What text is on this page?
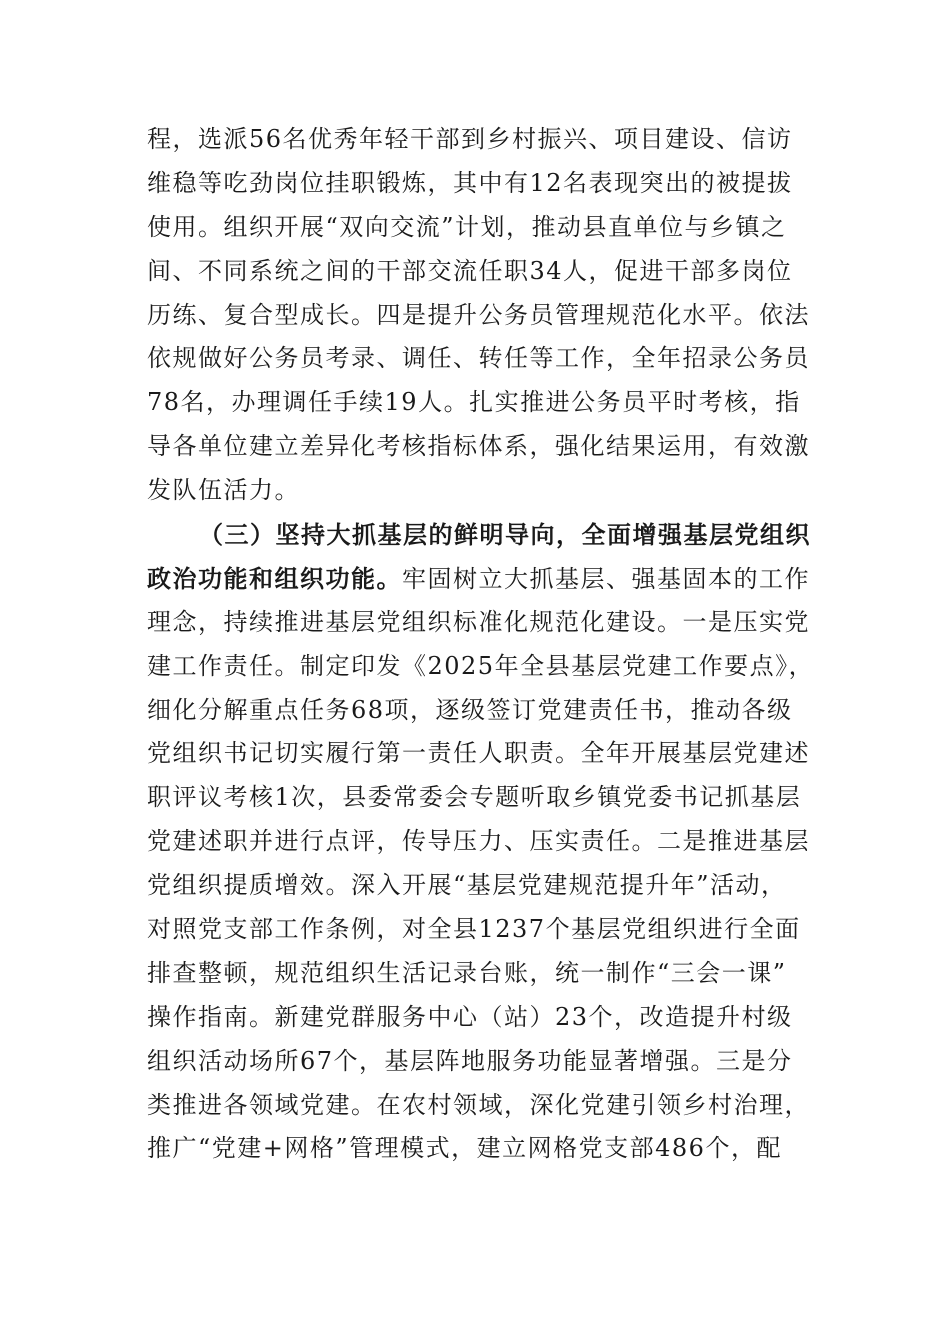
程，选派56名优秀年轻干部到乡村振兴、项目建设、信访
维稳等吃劲岗位挂职锻炼，其中有12名表现突出的被提拔
使用。组织开展“双向交流”计划，推动县直单位与乡镇之
间、不同系统之间的干部交流任职34人，促进干部多岗位
历练、复合型成长。四是提升公务员管理规范化水平。依法
依规做好公务员考录、调任、转任等工作，全年招录公务员
78名，办理调任手续19人。扎实推进公务员平时考核，指
导各单位建立差异化考核指标体系，强化结果运用，有效激
发队伍活力。
（三）坚持大抓基层的鲜明导向，全面增强基层党组织
政治功能和组织功能。牢固树立大抓基层、强基固本的工作
理念，持续推进基层党组织标准化规范化建设。一是压实党
建工作责任。制定印发《2025年全县基层党建工作要点》，
细化分解重点任务68项，逐级签订党建责任书，推动各级
党组织书记切实履行第一责任人职责。全年开展基层党建述
职评议考核1次，县委常委会专题听取乡镇党委书记抓基层
党建述职并进行点评，传导压力、压实责任。二是推进基层
党组织提质增效。深入开展“基层党建规范提升年”活动，
对照党支部工作条例，对全县1237个基层党组织进行全面
排查整顿，规范组织生活记录台账，统一制作“三会一课”
操作指南。新建党群服务中心（站）23个，改造提升村级
组织活动场所67个，基层阵地服务功能显著增强。三是分
类推进各领域党建。在农村领域，深化党建引领乡村治理，
推广“党建+网格”管理模式，建立网格党支部486个，配
